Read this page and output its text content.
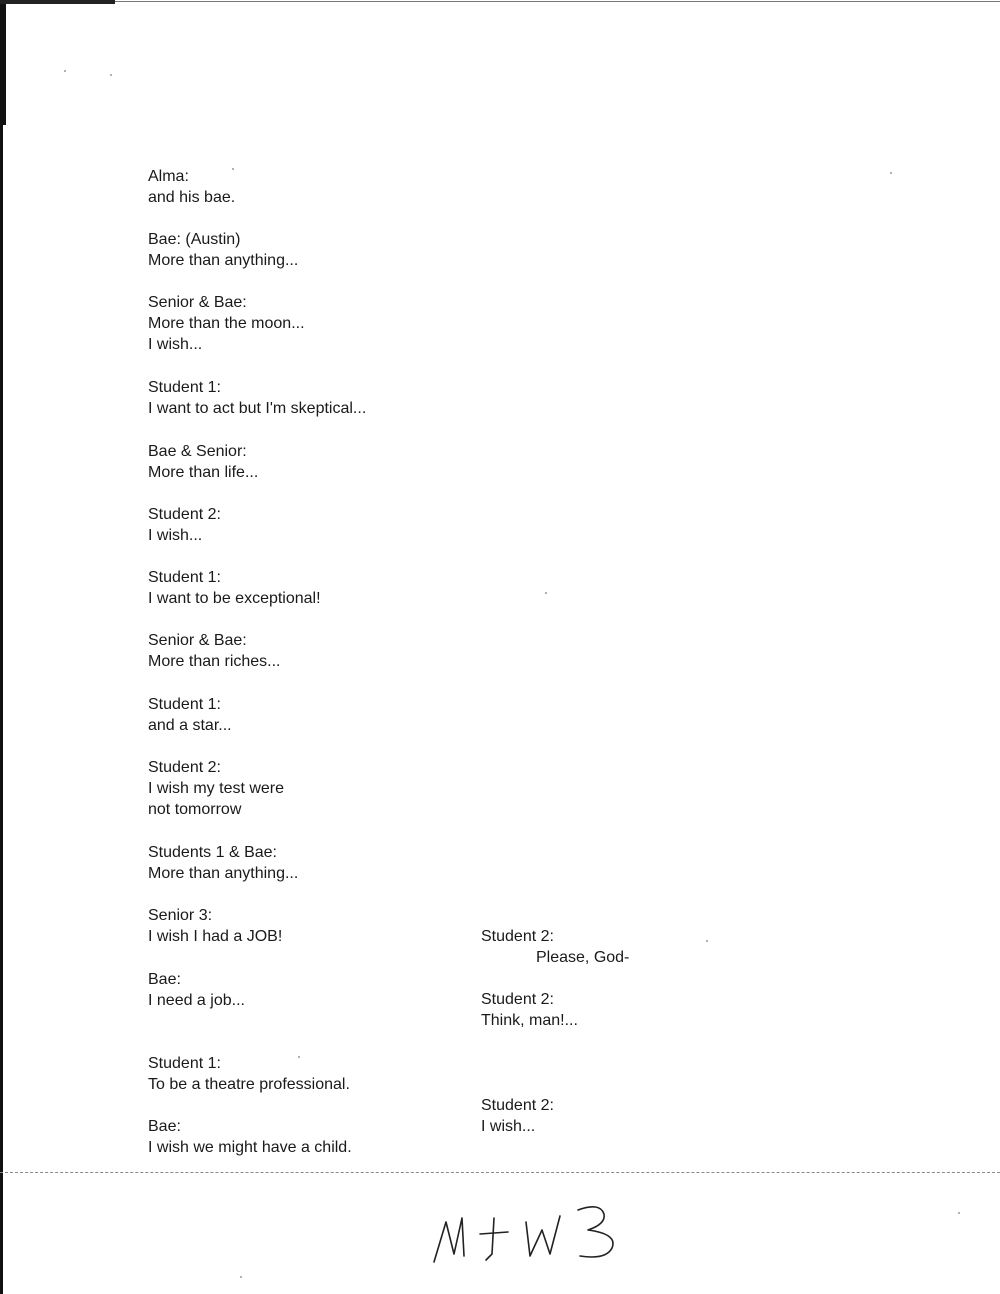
Alma:
and his bae.
Bae: (Austin)
More than anything...
Senior & Bae:
More than the moon...
I wish...
Student 1:
I want to act but I'm skeptical...
Bae & Senior:
More than life...
Student 2:
I wish...
Student 1:
I want to be exceptional!
Senior & Bae:
More than riches...
Student 1:
and a star...
Student 2:
I wish my test were
not tomorrow
Students 1 & Bae:
More than anything...
Senior 3:
I wish I had a JOB!
Bae:
I need a job...
Student 1:
To be a theatre professional.
Bae:
I wish we might have a child.
Student 2:
Please, God-
Student 2:
Think, man!...
Student 2:
I wish...
